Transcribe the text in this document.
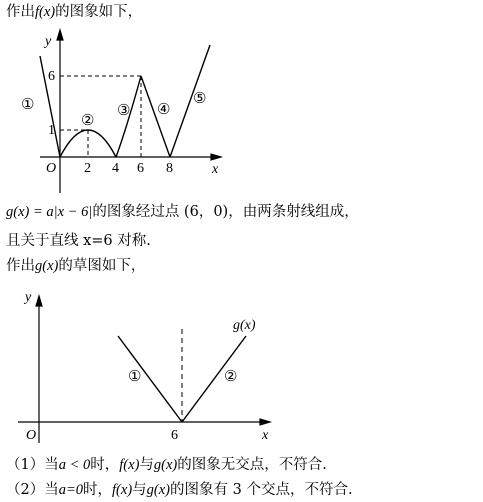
作出f(x)的图象如下，
y
x
O 2 4 6 8
1
6
①
②
③ ④
⑤
g(x) = a|x − 6|的图象经过点 (6，0)，由两条射线组成，
且关于直线 x=6 对称.
作出g(x)的草图如下，
y
x
O	6
g(x)
①	②
（1）当a < 0时，f(x)与g(x)的图象无交点，不符合.
（2）当a=0时，f(x)与g(x)的图象有 3 个交点，不符合.
